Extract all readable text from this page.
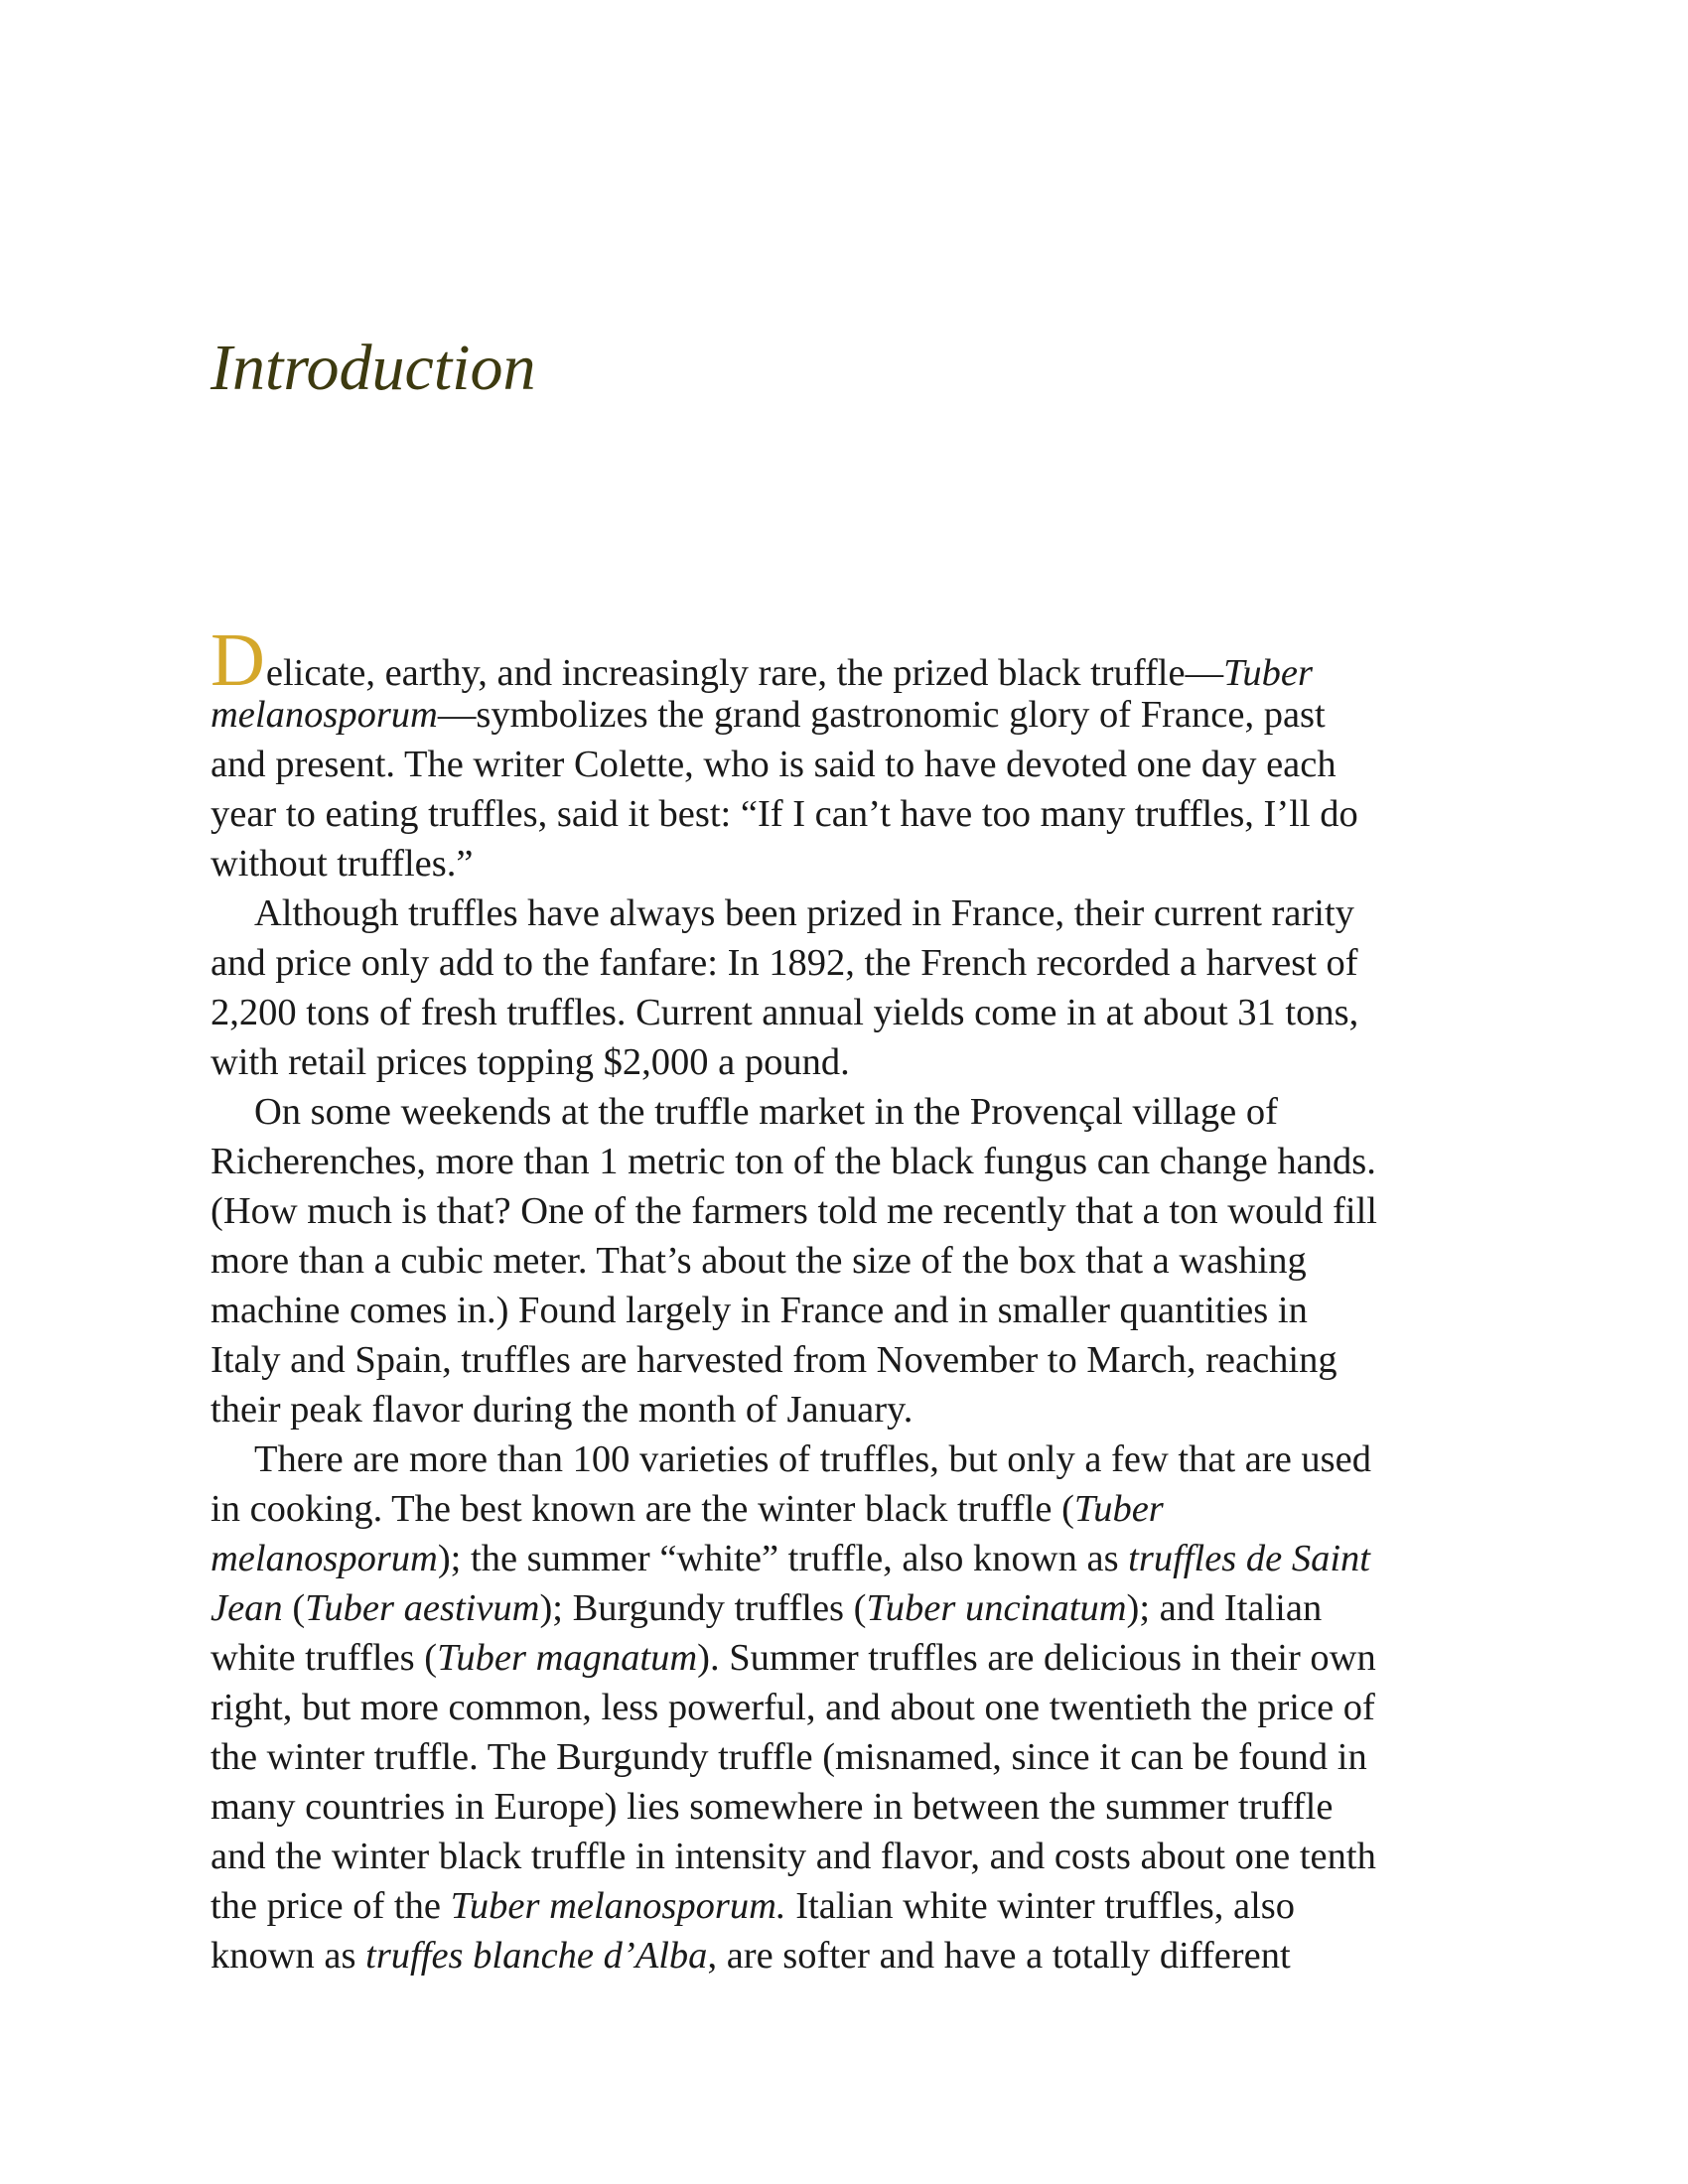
Introduction
Delicate, earthy, and increasingly rare, the prized black truffle—Tuber
melanosporum—symbolizes the grand gastronomic glory of France, past
and present. The writer Colette, who is said to have devoted one day each
year to eating truffles, said it best: “If I can’t have too many truffles, I’ll do
without truffles.”
Although truffles have always been prized in France, their current rarity
and price only add to the fanfare: In 1892, the French recorded a harvest of
2,200 tons of fresh truffles. Current annual yields come in at about 31 tons,
with retail prices topping $2,000 a pound.
On some weekends at the truffle market in the Provençal village of
Richerenches, more than 1 metric ton of the black fungus can change hands.
(How much is that? One of the farmers told me recently that a ton would fill
more than a cubic meter. That’s about the size of the box that a washing
machine comes in.) Found largely in France and in smaller quantities in
Italy and Spain, truffles are harvested from November to March, reaching
their peak flavor during the month of January.
There are more than 100 varieties of truffles, but only a few that are used
in cooking. The best known are the winter black truffle (Tuber
melanosporum); the summer “white” truffle, also known as truffles de Saint
Jean (Tuber aestivum); Burgundy truffles (Tuber uncinatum); and Italian
white truffles (Tuber magnatum). Summer truffles are delicious in their own
right, but more common, less powerful, and about one twentieth the price of
the winter truffle. The Burgundy truffle (misnamed, since it can be found in
many countries in Europe) lies somewhere in between the summer truffle
and the winter black truffle in intensity and flavor, and costs about one tenth
the price of the Tuber melanosporum. Italian white winter truffles, also
known as truffes blanche d’Alba, are softer and have a totally different
